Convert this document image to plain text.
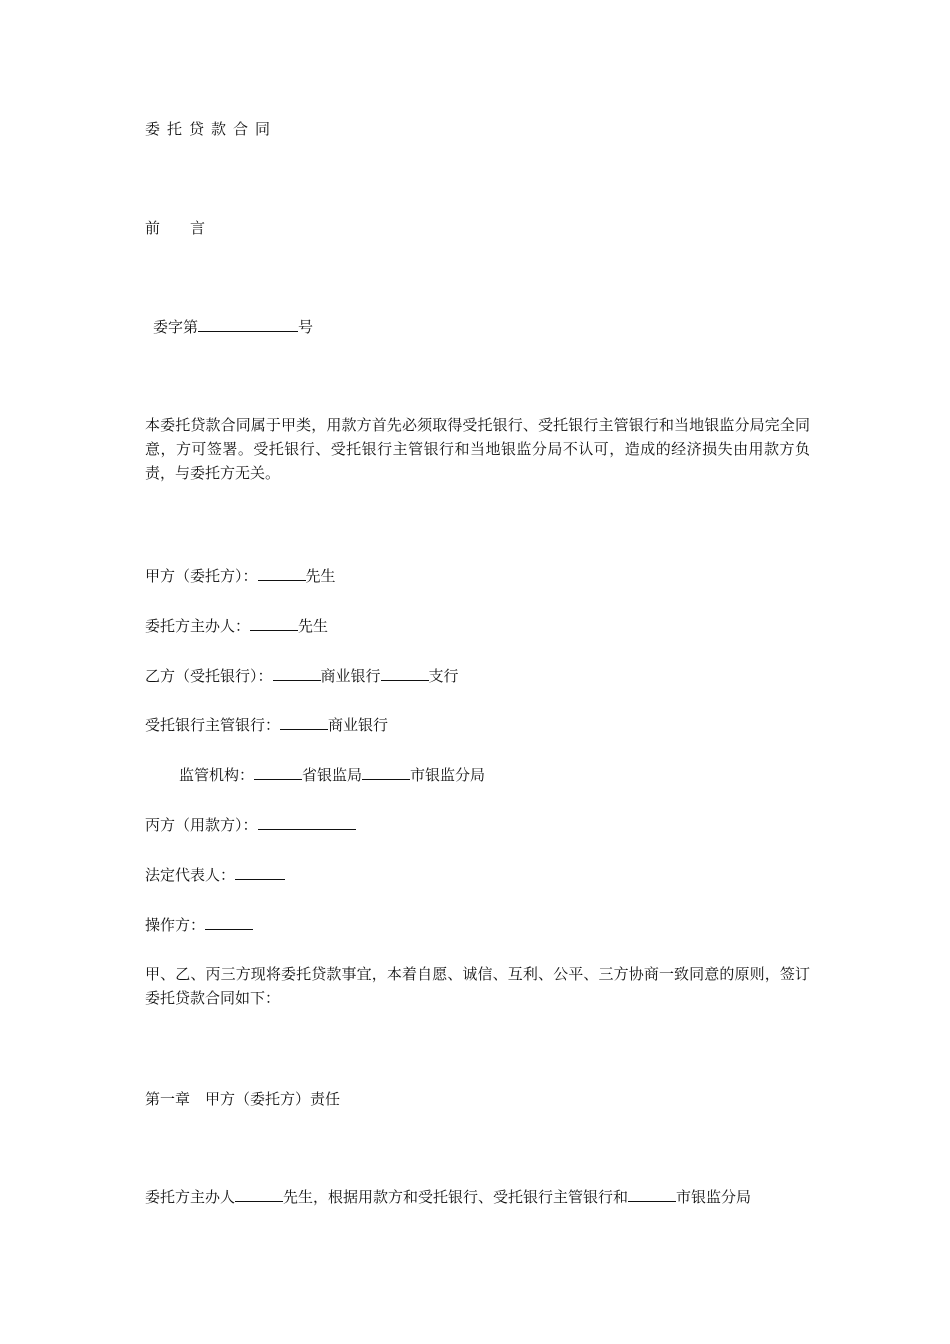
委托贷款合同
前　　言
委字第	号
本委托贷款合同属于甲类，用款方首先必须取得受托银行、受托银行主管银行和当地银监分局完全同意，方可签署。受托银行、受托银行主管银行和当地银监分局不认可，造成的经济损失由用款方负责，与委托方无关。
甲方（委托方）：	先生
委托方主办人：	先生
乙方（受托银行）：	商业银行	支行
受托银行主管银行：	商业银行
监管机构：	省银监局	市银监分局
丙方（用款方）：
法定代表人：
操作方：
甲、乙、丙三方现将委托贷款事宜，本着自愿、诚信、互利、公平、三方协商一致同意的原则，签订委托贷款合同如下：
第一章　甲方（委托方）责任
委托方主办人	先生，根据用款方和受托银行、受托银行主管银行和	市银监分局
